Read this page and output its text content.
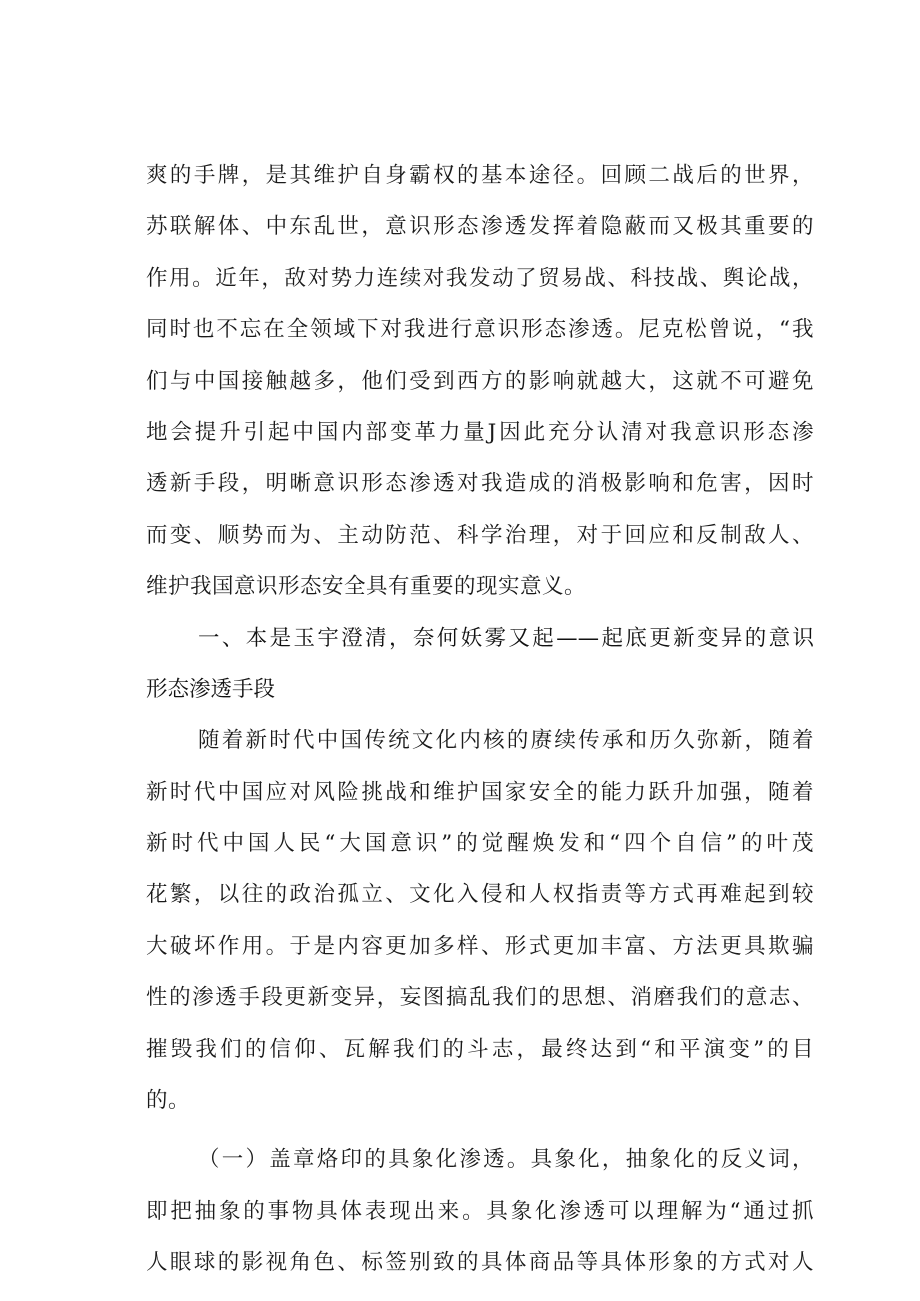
爽的手牌，是其维护自身霸权的基本途径。回顾二战后的世界，
苏联解体、中东乱世，意识形态渗透发挥着隐蔽而又极其重要的
作用。近年，敌对势力连续对我发动了贸易战、科技战、舆论战，
同时也不忘在全领域下对我进行意识形态渗透。尼克松曾说，“我
们与中国接触越多，他们受到西方的影响就越大，这就不可避免
地会提升引起中国内部变革力量J因此充分认清对我意识形态渗
透新手段，明晰意识形态渗透对我造成的消极影响和危害，因时
而变、顺势而为、主动防范、科学治理，对于回应和反制敌人、
维护我国意识形态安全具有重要的现实意义。
一、本是玉宇澄清，奈何妖雾又起——起底更新变异的意识
形态渗透手段
随着新时代中国传统文化内核的赓续传承和历久弥新，随着
新时代中国应对风险挑战和维护国家安全的能力跃升加强，随着
新时代中国人民“大国意识”的觉醒焕发和“四个自信”的叶茂
花繁，以往的政治孤立、文化入侵和人权指责等方式再难起到较
大破坏作用。于是内容更加多样、形式更加丰富、方法更具欺骗
性的渗透手段更新变异，妄图搞乱我们的思想、消磨我们的意志、
摧毁我们的信仰、瓦解我们的斗志，最终达到“和平演变”的目
的。
（一）盖章烙印的具象化渗透。具象化，抽象化的反义词，
即把抽象的事物具体表现出来。具象化渗透可以理解为“通过抓
人眼球的影视角色、标签别致的具体商品等具体形象的方式对人
